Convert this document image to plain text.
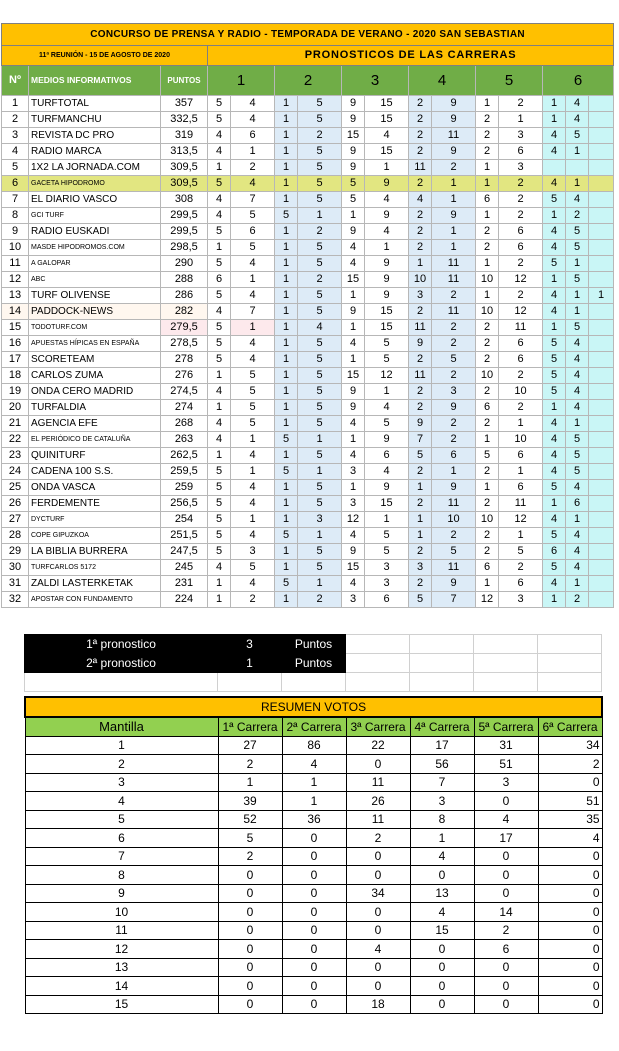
CONCURSO DE PRENSA Y RADIO - TEMPORADA DE VERANO - 2020 SAN SEBASTIAN															
11ª REUNIÓN - 15 DE AGOSTO DE 2020			PRONOSTICOS DE LAS CARRERAS												
Nº	MEDIOS INFORMATIVOS	PUNTOS	1		2		3		4		5		6		
1	TURFTOTAL	357	5	4	1	5	9	15	2	9	1	2	1	4	
2	TURFMANCHU	332,5	5	4	1	5	9	15	2	9	2	1	1	4	
3	REVISTA DC PRO	319	4	6	1	2	15	4	2	11	2	3	4	5	
4	RADIO MARCA	313,5	4	1	1	5	9	15	2	9	2	6	4	1	
5	1X2 LA JORNADA.COM	309,5	1	2	1	5	9	1	11	2	1	3			
6	GACETA HIPODROMO	309,5	5	4	1	5	5	9	2	1	1	2	4	1	
7	EL DIARIO VASCO	308	4	7	1	5	5	4	4	1	6	2	5	4	
8	GCI TURF	299,5	4	5	5	1	1	9	2	9	1	2	1	2	
9	RADIO EUSKADI	299,5	5	6	1	2	9	4	2	1	2	6	4	5	
10	MASDE HIPODROMOS.COM	298,5	1	5	1	5	4	1	2	1	2	6	4	5	
11	A GALOPAR	290	5	4	1	5	4	9	1	11	1	2	5	1	
12	ABC	288	6	1	1	2	15	9	10	11	10	12	1	5	
13	TURF OLIVENSE	286	5	4	1	5	1	9	3	2	1	2	4	1	1
14	PADDOCK-NEWS	282	4	7	1	5	9	15	2	11	10	12	4	1	
15	TODOTURF.COM	279,5	5	1	1	4	1	15	11	2	2	11	1	5	
16	APUESTAS HÍPICAS EN ESPAÑA	278,5	5	4	1	5	4	5	9	2	2	6	5	4	
17	SCORETEAM	278	5	4	1	5	1	5	2	5	2	6	5	4	
18	CARLOS ZUMA	276	1	5	1	5	15	12	11	2	10	2	5	4	
19	ONDA CERO MADRID	274,5	4	5	1	5	9	1	2	3	2	10	5	4	
20	TURFALDIA	274	1	5	1	5	9	4	2	9	6	2	1	4	
21	AGENCIA EFE	268	4	5	1	5	4	5	9	2	2	1	4	1	
22	EL PERIÓDICO DE CATALUÑA	263	4	1	5	1	1	9	7	2	1	10	4	5	
23	QUINITURF	262,5	1	4	1	5	4	6	5	6	5	6	4	5	
24	CADENA 100 S.S.	259,5	5	1	5	1	3	4	2	1	2	1	4	5	
25	ONDA VASCA	259	5	4	1	5	1	9	1	9	1	6	5	4	
26	FERDEMENTE	256,5	5	4	1	5	3	15	2	11	2	11	1	6	
27	DYCTURF	254	5	1	1	3	12	1	1	10	10	12	4	1	
28	COPE GIPUZKOA	251,5	5	4	5	1	4	5	1	2	2	1	5	4	
29	LA BIBLIA BURRERA	247,5	5	3	1	5	9	5	2	5	2	5	6	4	
30	TURFCARLOS 5172	245	4	5	1	5	15	3	3	11	6	2	5	4	
31	ZALDI LASTERKETAK	231	1	4	5	1	4	3	2	9	1	6	4	1	
32	APOSTAR CON FUNDAMENTO	224	1	2	1	2	3	6	5	7	12	3	1	2	
1ª pronostico	3	Puntos				
2ª pronostico	1	Puntos				

RESUMEN VOTOS						
Mantilla	1ª Carrera	2ª Carrera	3ª Carrera	4ª Carrera	5ª Carrera	6ª Carrera
1	27	86	22	17	31	34
2	2	4	0	56	51	2
3	1	1	11	7	3	0
4	39	1	26	3	0	51
5	52	36	11	8	4	35
6	5	0	2	1	17	4
7	2	0	0	4	0	0
8	0	0	0	0	0	0
9	0	0	34	13	0	0
10	0	0	0	4	14	0
11	0	0	0	15	2	0
12	0	0	4	0	6	0
13	0	0	0	0	0	0
14	0	0	0	0	0	0
15	0	0	18	0	0	0
